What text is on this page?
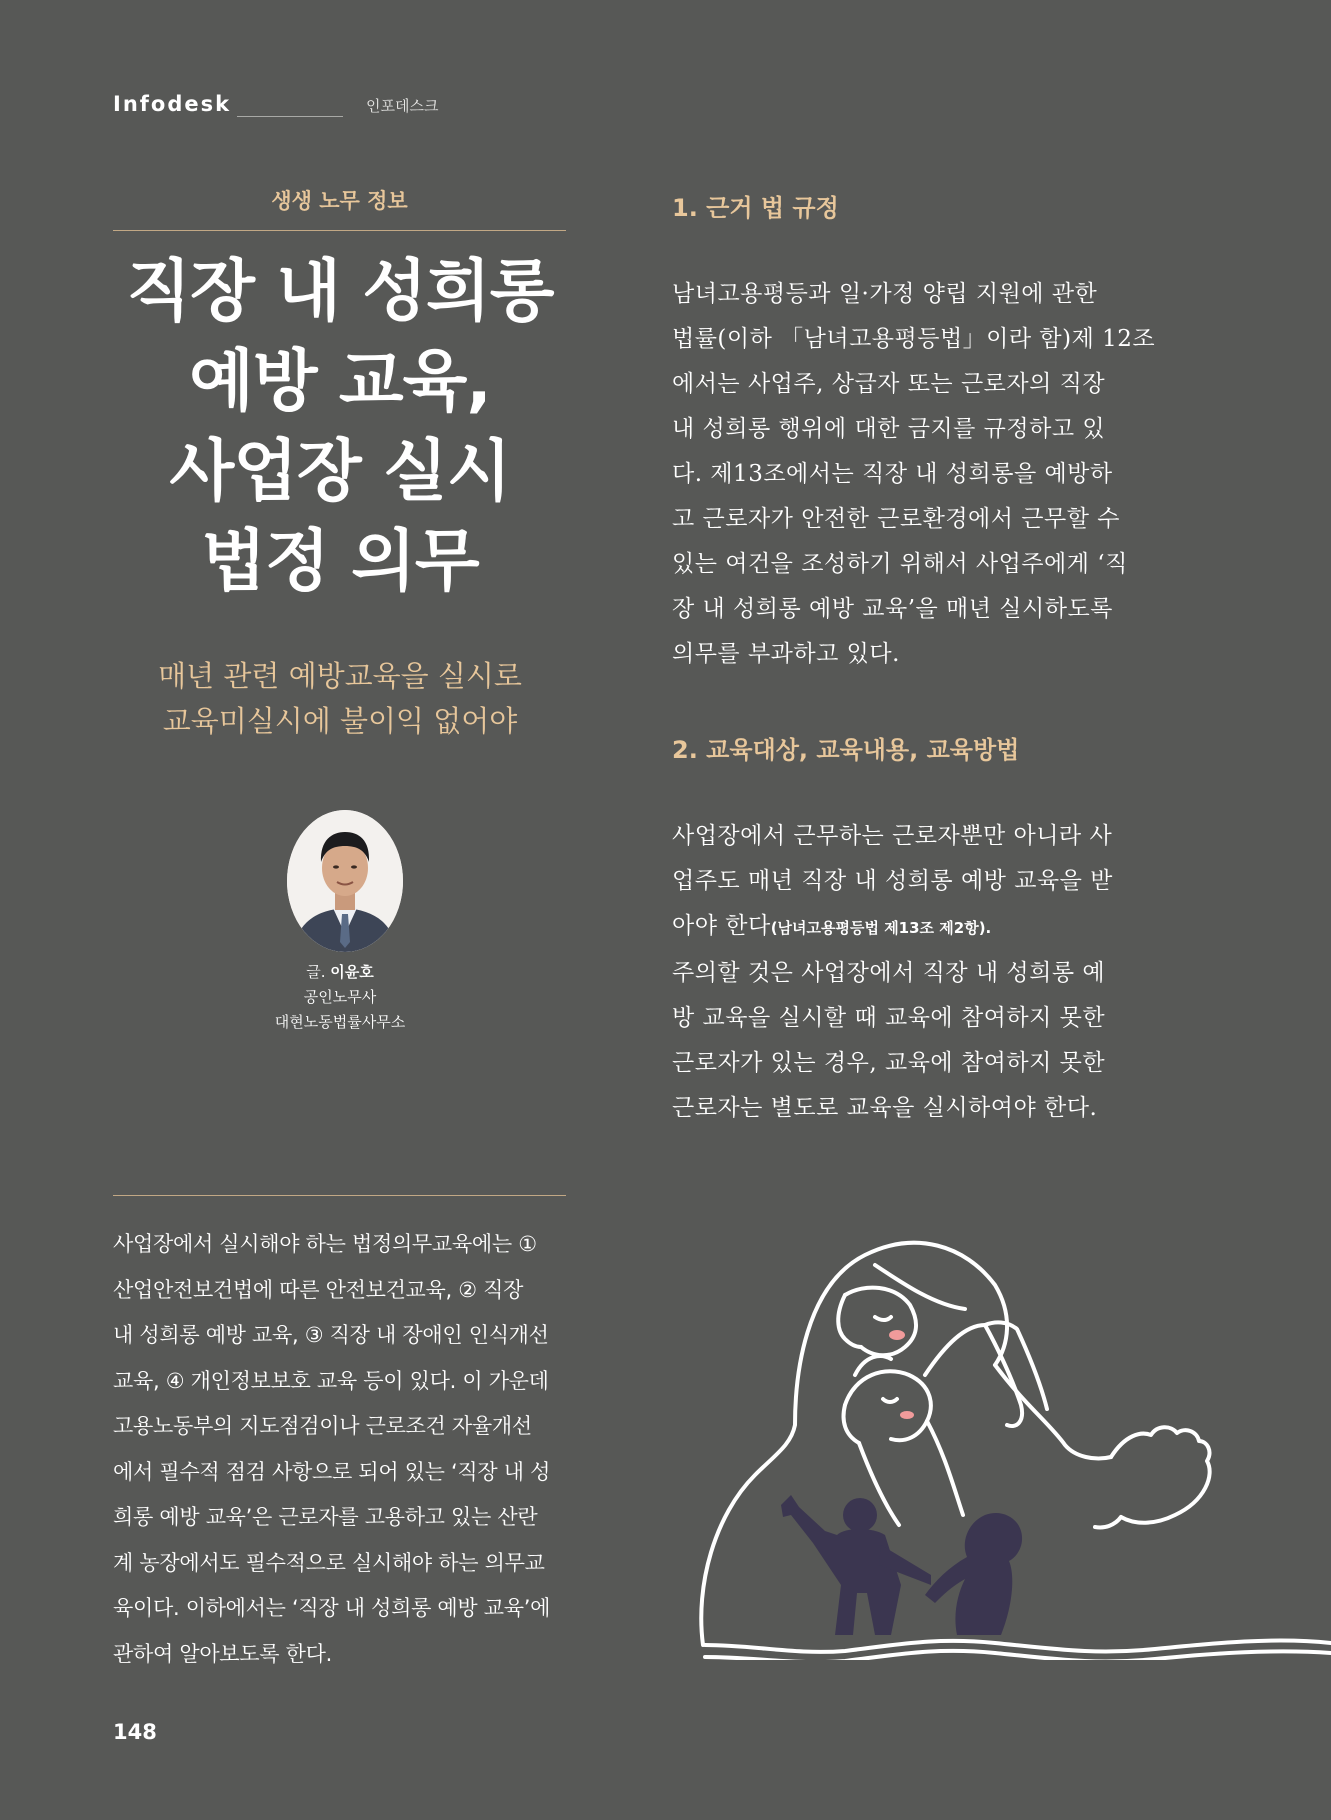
Infodesk	인포데스크
생생 노무 정보
직장 내 성희롱
예방 교육,
사업장 실시
법정 의무
매년 관련 예방교육을 실시로
교육미실시에 불이익 없어야
글. 이윤호
공인노무사
대현노동법률사무소
사업장에서 실시해야 하는 법정의무교육에는 ①
산업안전보건법에 따른 안전보건교육, ② 직장
내 성희롱 예방 교육, ③ 직장 내 장애인 인식개선
교육, ④ 개인정보보호 교육 등이 있다. 이 가운데
고용노동부의 지도점검이나 근로조건 자율개선
에서 필수적 점검 사항으로 되어 있는 ‘직장 내 성
희롱 예방 교육’은 근로자를 고용하고 있는 산란
계 농장에서도 필수적으로 실시해야 하는 의무교
육이다. 이하에서는 ‘직장 내 성희롱 예방 교육’에
관하여 알아보도록 한다.
148
1. 근거 법 규정
남녀고용평등과 일·가정 양립 지원에 관한
법률(이하 「남녀고용평등법」이라 함)제 12조
에서는 사업주, 상급자 또는 근로자의 직장
내 성희롱 행위에 대한 금지를 규정하고 있
다. 제13조에서는 직장 내 성희롱을 예방하
고 근로자가 안전한 근로환경에서 근무할 수
있는 여건을 조성하기 위해서 사업주에게 ‘직
장 내 성희롱 예방 교육’을 매년 실시하도록
의무를 부과하고 있다.
2. 교육대상, 교육내용, 교육방법
사업장에서 근무하는 근로자뿐만 아니라 사
업주도 매년 직장 내 성희롱 예방 교육을 받
아야 한다(남녀고용평등법 제13조 제2항).
주의할 것은 사업장에서 직장 내 성희롱 예
방 교육을 실시할 때 교육에 참여하지 못한
근로자가 있는 경우, 교육에 참여하지 못한
근로자는 별도로 교육을 실시하여야 한다.
